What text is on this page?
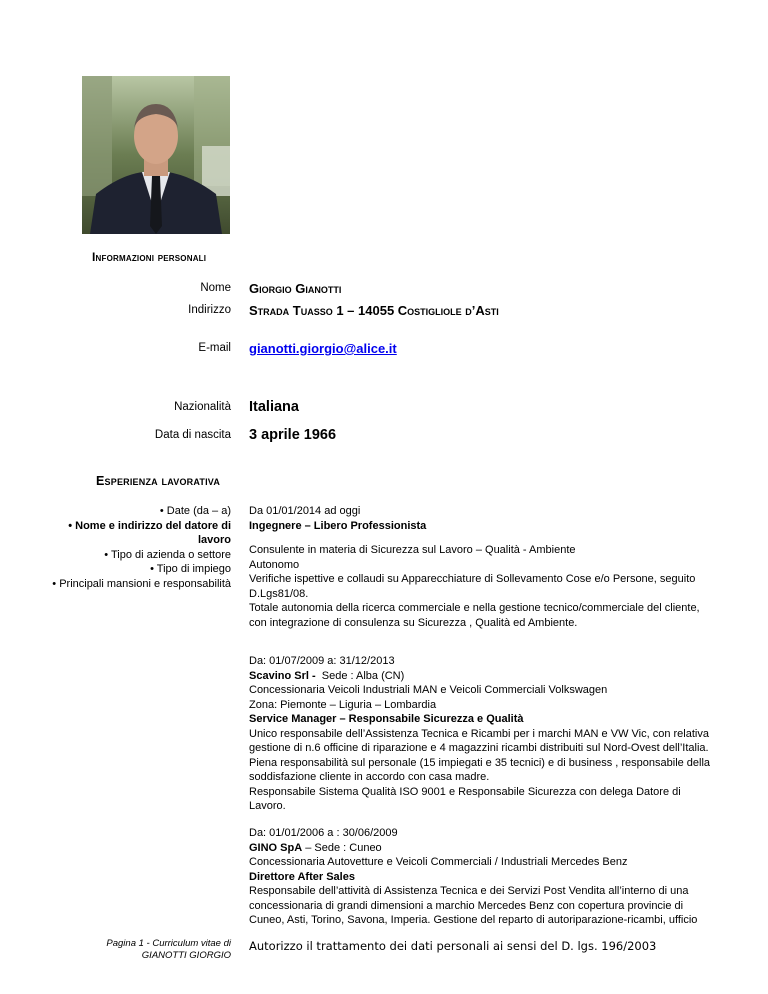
Informazioni personali
Nome Giorgio Gianotti
Indirizzo Strada Tuasso 1 – 14055 Costigliole d’Asti
E-mail gianotti.giorgio@alice.it
Nazionalità Italiana
Data di nascita 3 aprile 1966
Esperienza lavorativa
• Date (da – a)
• Nome e indirizzo del datore di
lavoro
• Tipo di azienda o settore
• Tipo di impiego
• Principali mansioni e responsabilità
Da 01/01/2014 ad oggi
Ingegnere – Libero Professionista

Consulente in materia di Sicurezza sul Lavoro – Qualità - Ambiente
Autonomo
Verifiche ispettive e collaudi su Apparecchiature di Sollevamento Cose e/o Persone, seguito
D.Lgs81/08.
Totale autonomia della ricerca commerciale e nella gestione tecnico/commerciale del cliente,
con integrazione di consulenza su Sicurezza , Qualità ed Ambiente.
Da: 01/07/2009 a: 31/12/2013
Scavino Srl -  Sede : Alba (CN)
Concessionaria Veicoli Industriali MAN e Veicoli Commerciali Volkswagen
Zona: Piemonte – Liguria – Lombardia
Service Manager – Responsabile Sicurezza e Qualità
Unico responsabile dell’Assistenza Tecnica e Ricambi per i marchi MAN e VW Vic, con relativa
gestione di n.6 officine di riparazione e 4 magazzini ricambi distribuiti sul Nord-Ovest dell’Italia.
Piena responsabilità sul personale (15 impiegati e 35 tecnici) e di business , responsabile della
soddisfazione cliente in accordo con casa madre.
Responsabile Sistema Qualità ISO 9001 e Responsabile Sicurezza con delega Datore di
Lavoro.
Da: 01/01/2006 a : 30/06/2009
GINO SpA – Sede : Cuneo
Concessionaria Autovetture e Veicoli Commerciali / Industriali Mercedes Benz
Direttore After Sales
Responsabile dell’attività di Assistenza Tecnica e dei Servizi Post Vendita all’interno di una
concessionaria di grandi dimensioni a marchio Mercedes Benz con copertura provincie di
Cuneo, Asti, Torino, Savona, Imperia. Gestione del reparto di autoriparazione-ricambi, ufficio
Pagina 1 - Curriculum vitae di
GIANOTTI GIORGIO
Autorizzo il trattamento dei dati personali ai sensi del D. lgs. 196/2003
